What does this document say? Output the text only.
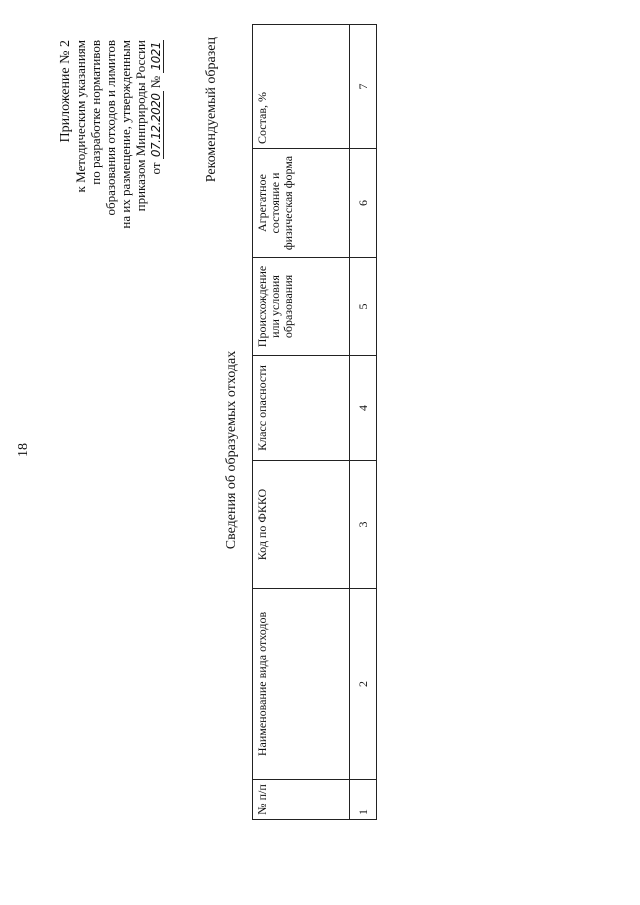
18
Приложение № 2 к Методическим указаниям по разработке нормативов образования отходов и лимитов на их размещение, утвержденным приказом Минприроды России от 07.12.2020 № 1021	Рекомендуемый образец
Сведения об образуемых отходах
№ п/п	Наименование вида отходов	Код по ФККО	Класс опасности	Происхождение или условия образования	Агрегатное состояние и физическая форма	Состав, %
1	2	3	4	5	6	7
